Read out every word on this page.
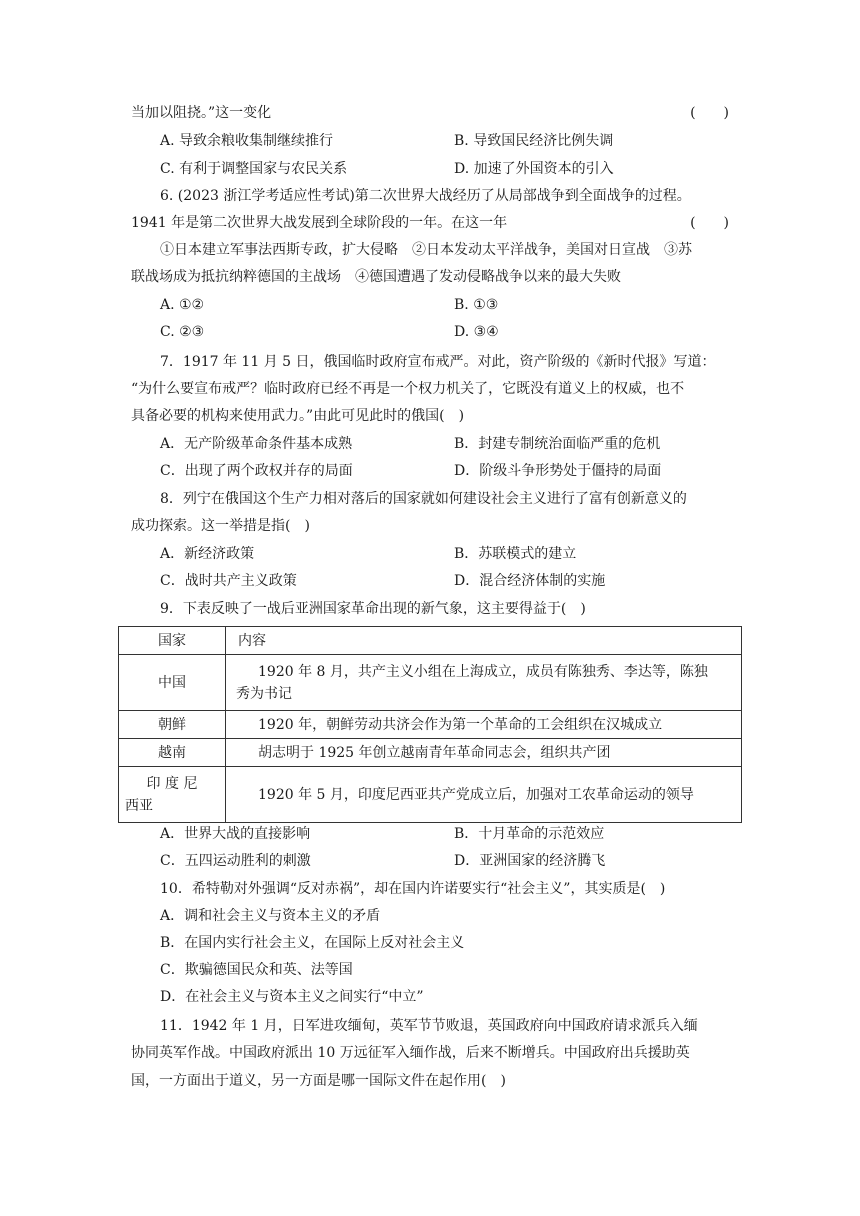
当加以阻挠。”这一变化	(　　)
A. 导致余粮收集制继续推行	B. 导致国民经济比例失调
C. 有利于调整国家与农民关系	D. 加速了外国资本的引入
6. (2023 浙江学考适应性考试)第二次世界大战经历了从局部战争到全面战争的过程。
1941 年是第二次世界大战发展到全球阶段的一年。在这一年	(　　)
①日本建立军事法西斯专政，扩大侵略　②日本发动太平洋战争，美国对日宣战　③苏
联战场成为抵抗纳粹德国的主战场　④德国遭遇了发动侵略战争以来的最大失败
A. ①②	B. ①③
C. ②③	D. ③④
7．1917 年 11 月 5 日，俄国临时政府宣布戒严。对此，资产阶级的《新时代报》写道：
“为什么要宣布戒严？临时政府已经不再是一个权力机关了，它既没有道义上的权威，也不
具备必要的机构来使用武力。”由此可见此时的俄国(　)
A．无产阶级革命条件基本成熟	B．封建专制统治面临严重的危机
C．出现了两个政权并存的局面	D．阶级斗争形势处于僵持的局面
8．列宁在俄国这个生产力相对落后的国家就如何建设社会主义进行了富有创新意义的
成功探索。这一举措是指(　)
A．新经济政策	B．苏联模式的建立
C．战时共产主义政策	D．混合经济体制的实施
9．下表反映了一战后亚洲国家革命出现的新气象，这主要得益于(　)
国家	内容
中国	1920 年 8 月，共产主义小组在上海成立，成员有陈独秀、李达等，陈独
秀为书记

朝鲜	1920 年，朝鲜劳动共济会作为第一个革命的工会组织在汉城成立
越南	胡志明于 1925 年创立越南青年革命同志会，组织共产团

印 度 尼
西亚	1920 年 5 月，印度尼西亚共产党成立后，加强对工农革命运动的领导
A．世界大战的直接影响	B．十月革命的示范效应
C．五四运动胜利的刺激	D．亚洲国家的经济腾飞
10．希特勒对外强调“反对赤祸”，却在国内许诺要实行“社会主义”，其实质是(　)
A．调和社会主义与资本主义的矛盾
B．在国内实行社会主义，在国际上反对社会主义
C．欺骗德国民众和英、法等国
D．在社会主义与资本主义之间实行“中立”
11．1942 年 1 月，日军进攻缅甸，英军节节败退，英国政府向中国政府请求派兵入缅
协同英军作战。中国政府派出 10 万远征军入缅作战，后来不断增兵。中国政府出兵援助英
国，一方面出于道义，另一方面是哪一国际文件在起作用(　)
